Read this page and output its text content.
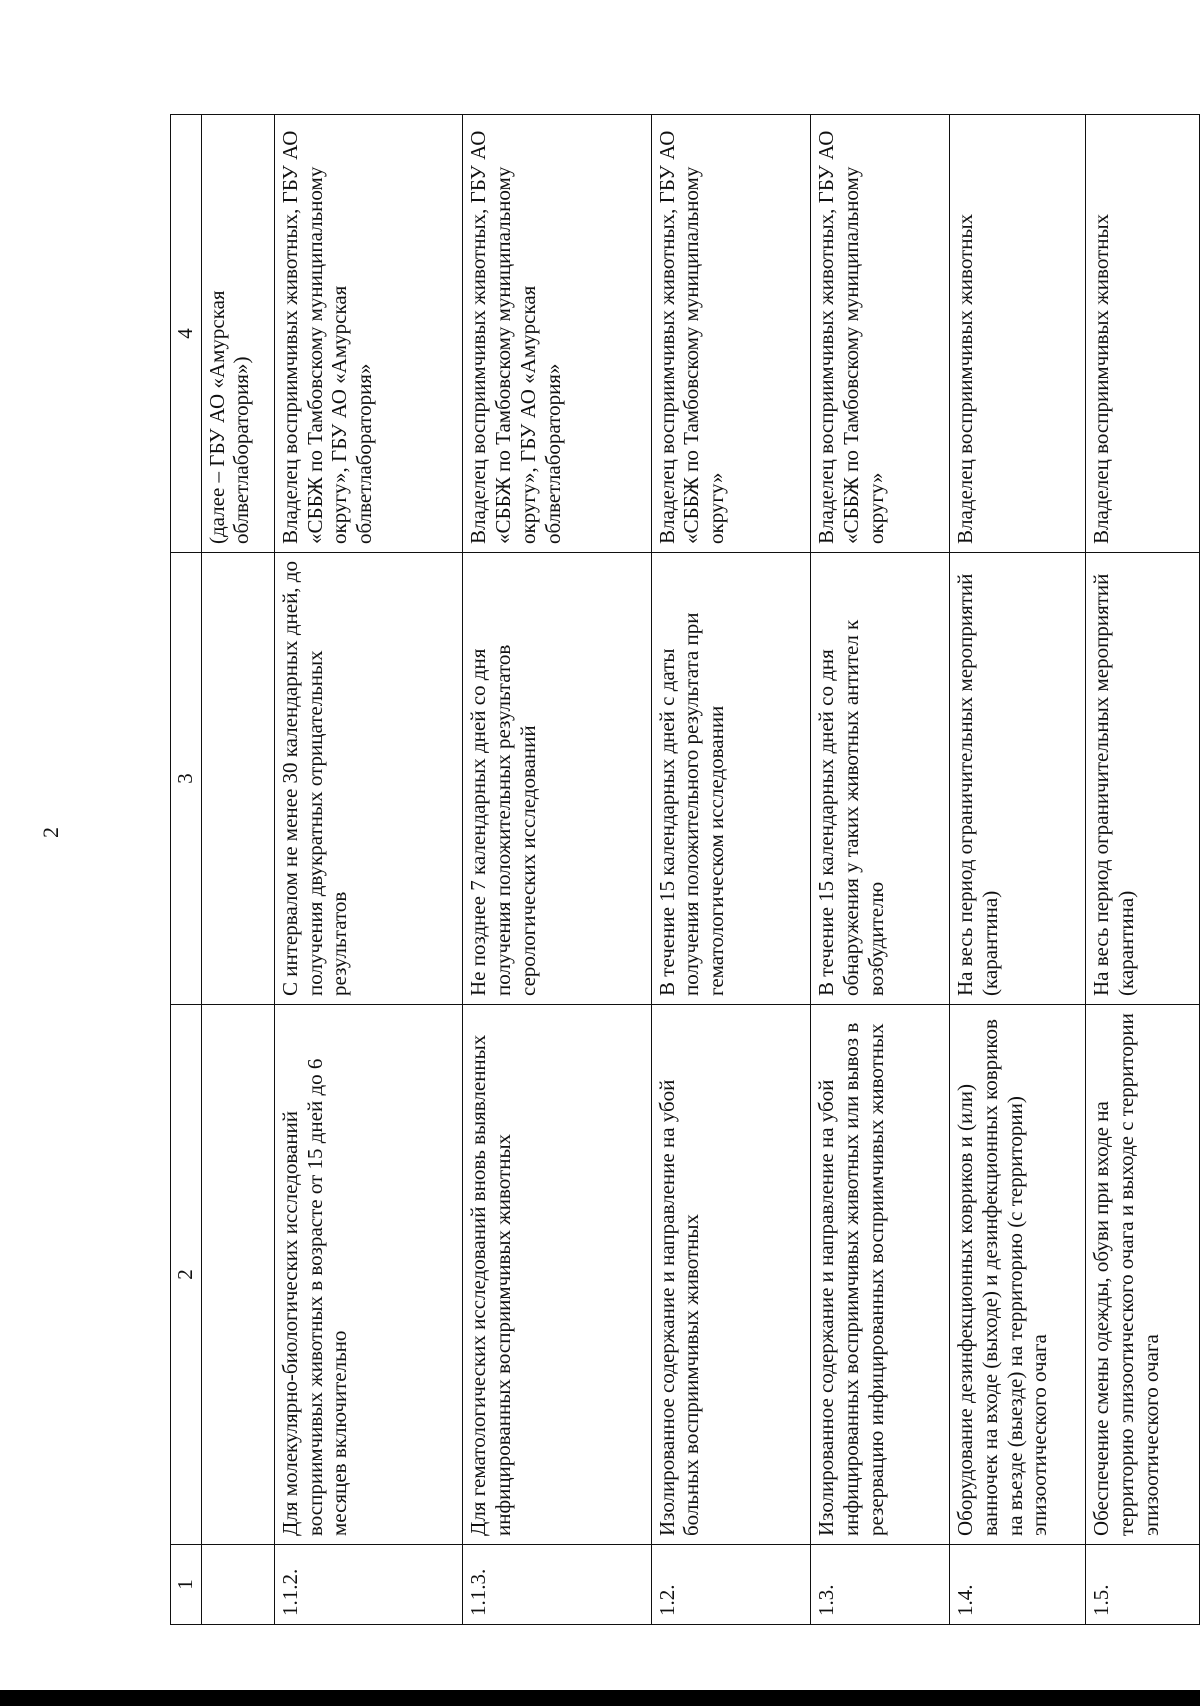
2
1	2	3	4
			(далее – ГБУ АО «Амурская облветлаборатория»)
1.1.2.	Для молекулярно-биологических исследований восприимчивых животных в возрасте от 15 дней до 6 месяцев включительно	С интервалом не менее 30 календарных дней, до получения двукратных отрицательных результатов	Владелец восприимчивых животных, ГБУ АО «СББЖ по Тамбовскому муниципальному округу», ГБУ АО «Амурская облветлаборатория»
1.1.3.	Для гематологических исследований вновь выявленных инфицированных восприимчивых животных	Не позднее 7 календарных дней со дня получения положительных результатов серологических исследований	Владелец восприимчивых животных, ГБУ АО «СББЖ по Тамбовскому муниципальному округу», ГБУ АО «Амурская облветлаборатория»
1.2.	Изолированное содержание и направление на убой больных восприимчивых животных	В течение 15 календарных дней с даты получения положительного результата при гематологическом исследовании	Владелец восприимчивых животных, ГБУ АО «СББЖ по Тамбовскому муниципальному округу»
1.3.	Изолированное содержание и направление на убой инфицированных восприимчивых животных или вывоз в резервацию инфицированных восприимчивых животных	В течение 15 календарных дней со дня обнаружения у таких животных антител к возбудителю	Владелец восприимчивых животных, ГБУ АО «СББЖ по Тамбовскому муниципальному округу»
1.4.	Оборудование дезинфекционных ковриков и (или) ванночек на входе (выходе) и дезинфекционных ковриков на въезде (выезде) на территорию (с территории) эпизоотического очага	На весь период ограничительных мероприятий (карантина)	Владелец восприимчивых животных
1.5.	Обеспечение смены одежды, обуви при входе на территорию эпизоотического очага и выходе с территории эпизоотического очага	На весь период ограничительных мероприятий (карантина)	Владелец восприимчивых животных
